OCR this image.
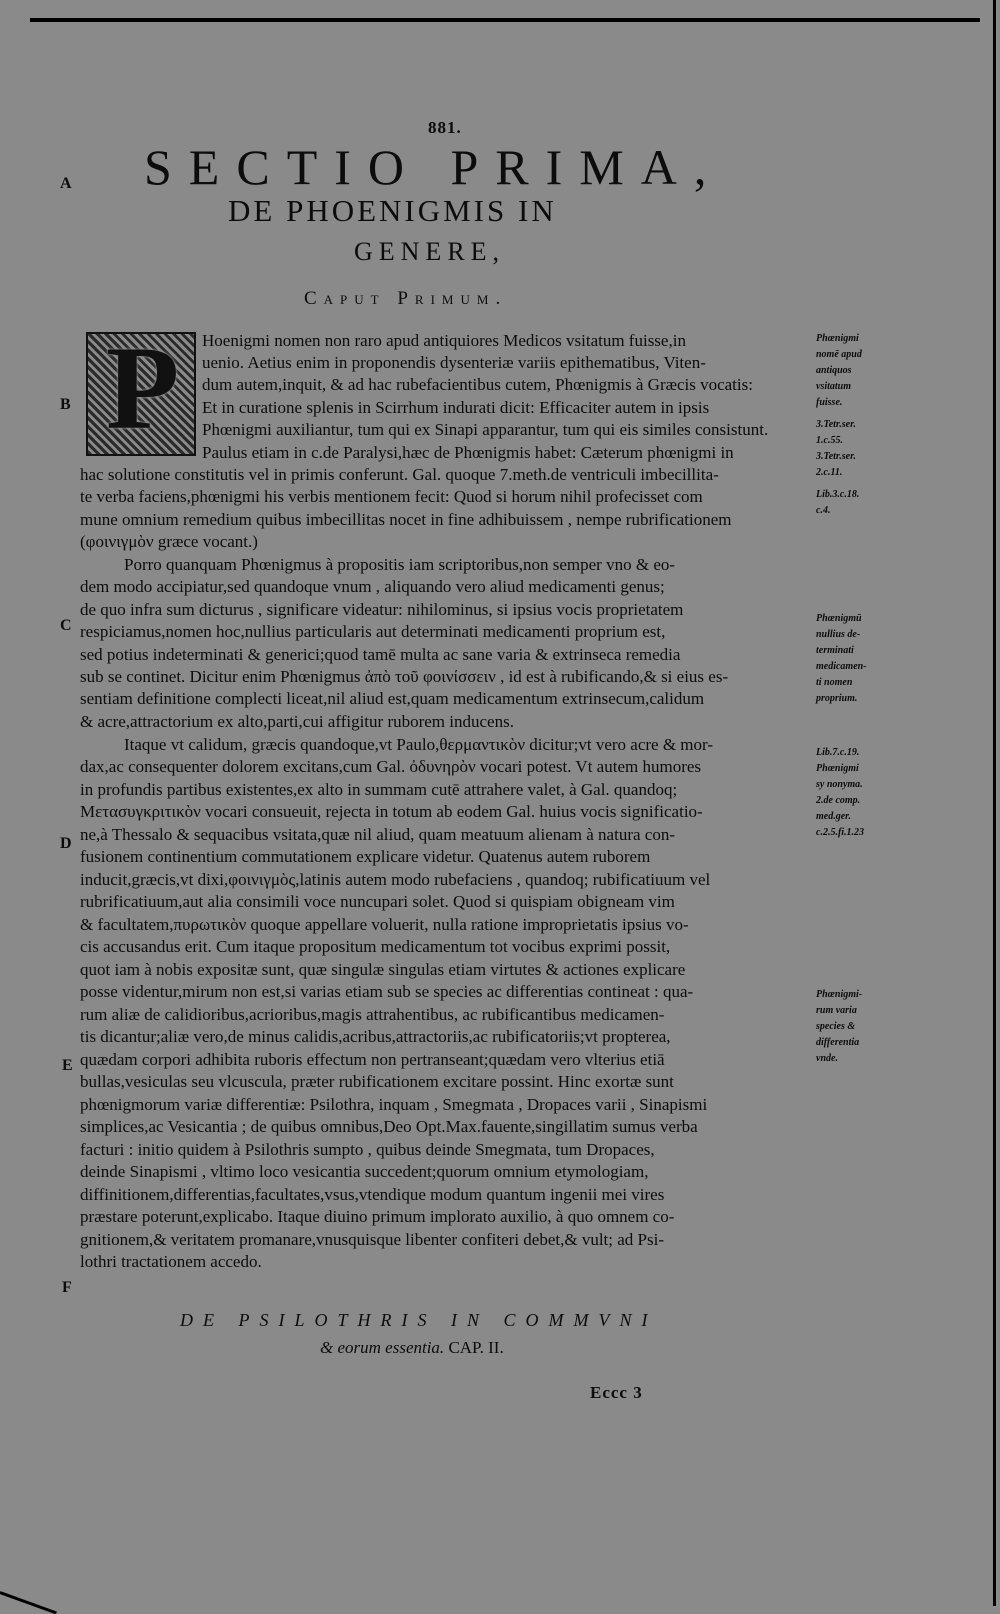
881.
SECTIO PRIMA,
DE PHOENIGMIS IN
GENERE,
Caput Primum.
A
B
C
D
E
F
P Hoenigmi nomen non raro apud antiquiores Medicos vsitatum fuisse,in
uenio. Aetius enim in proponendis dysenteriæ variis epithematibus, Viten-
dum autem,inquit, & ad hac rubefacientibus cutem, Phœnigmis à Græcis vocatis:
Et in curatione splenis in Scirrhum indurati dicit: Efficaciter autem in ipsis
Phœnigmi auxiliantur, tum qui ex Sinapi apparantur, tum qui eis similes consistunt.
Paulus etiam in c.de Paralysi,hæc de Phœnigmis habet: Cæterum phœnigmi in
hac solutione constitutis vel in primis conferunt. Gal. quoque 7.meth.de ventriculi imbecillita-
te verba faciens,phœnigmi his verbis mentionem fecit: Quod si horum nihil profecisset com
mune omnium remedium quibus imbecillitas nocet in fine adhibuissem , nempe rubrificationem
(φοινιγμὸν græce vocant.)
Porro quanquam Phœnigmus à propositis iam scriptoribus,non semper vno & eo-
dem modo accipiatur,sed quandoque vnum , aliquando vero aliud medicamenti genus;
de quo infra sum dicturus , significare videatur: nihilominus, si ipsius vocis proprietatem
respiciamus,nomen hoc,nullius particularis aut determinati medicamenti proprium est,
sed potius indeterminati & generici;quod tamē multa ac sane varia & extrinseca remedia
sub se continet. Dicitur enim Phœnigmus ἀπὸ τοῦ φοινίσσειν , id est à rubificando,& si eius es-
sentiam definitione complecti liceat,nil aliud est,quam medicamentum extrinsecum,calidum
& acre,attractorium ex alto,parti,cui affigitur ruborem inducens.
Itaque vt calidum, græcis quandoque,vt Paulo,θερμαντικὸν dicitur;vt vero acre & mor-
dax,ac consequenter dolorem excitans,cum Gal. ὀδυνηρὸν vocari potest. Vt autem humores
in profundis partibus existentes,ex alto in summam cutē attrahere valet, à Gal. quandoq;
Μετασυγκριτικὸν vocari consueuit, rejecta in totum ab eodem Gal. huius vocis significatio-
ne,à Thessalo & sequacibus vsitata,quæ nil aliud, quam meatuum alienam à natura con-
fusionem continentium commutationem explicare videtur. Quatenus autem ruborem
inducit,græcis,vt dixi,φοινιγμὸς,latinis autem modo rubefaciens , quandoq; rubificatiuum vel
rubrificatiuum,aut alia consimili voce nuncupari solet. Quod si quispiam obigneam vim
& facultatem,πυρωτικὸν quoque appellare voluerit, nulla ratione improprietatis ipsius vo-
cis accusandus erit. Cum itaque propositum medicamentum tot vocibus exprimi possit,
quot iam à nobis expositæ sunt, quæ singulæ singulas etiam virtutes & actiones explicare
posse videntur,mirum non est,si varias etiam sub se species ac differentias contineat : qua-
rum aliæ de calidioribus,acrioribus,magis attrahentibus, ac rubificantibus medicamen-
tis dicantur;aliæ vero,de minus calidis,acribus,attractoriis,ac rubificatoriis;vt propterea,
quædam corpori adhibita ruboris effectum non pertranseant;quædam vero vlterius etiā
bullas,vesiculas seu vlcuscula, præter rubificationem excitare possint. Hinc exortæ sunt
phœnigmorum variæ differentiæ: Psilothra, inquam , Smegmata , Dropaces varii , Sinapismi
simplices,ac Vesicantia ; de quibus omnibus,Deo Opt.Max.fauente,singillatim sumus verba
facturi : initio quidem à Psilothris sumpto , quibus deinde Smegmata, tum Dropaces,
deinde Sinapismi , vltimo loco vesicantia succedent;quorum omnium etymologiam,
diffinitionem,differentias,facultates,vsus,vtendique modum quantum ingenii mei vires
præstare poterunt,explicabo. Itaque diuino primum implorato auxilio, à quo omnem co-
gnitionem,& veritatem promanare,vnusquisque libenter confiteri debet,& vult; ad Psi-
lothri tractationem accedo.
Phœnigmi
nomē apud
antiquos
vsitatum
fuisse.
3.Tetr.ser.
1.c.55.
3.Tetr.ser.
2.c.11.
Lib.3.c.18.
c.4.
Phœnigmū
nullius de-
terminati
medicamen-
ti nomen
proprium.
Lib.7.c.19.
Phœnigmi
sy nonyma.
2.de comp.
med.ger.
c.2.5.fi.1.23
Phœnigmi-
rum varia
species &
differentia
vnde.
DE PSILOTHRIS IN COMMVNI
& eorum essentia. CAP. II.
Eccc 3
